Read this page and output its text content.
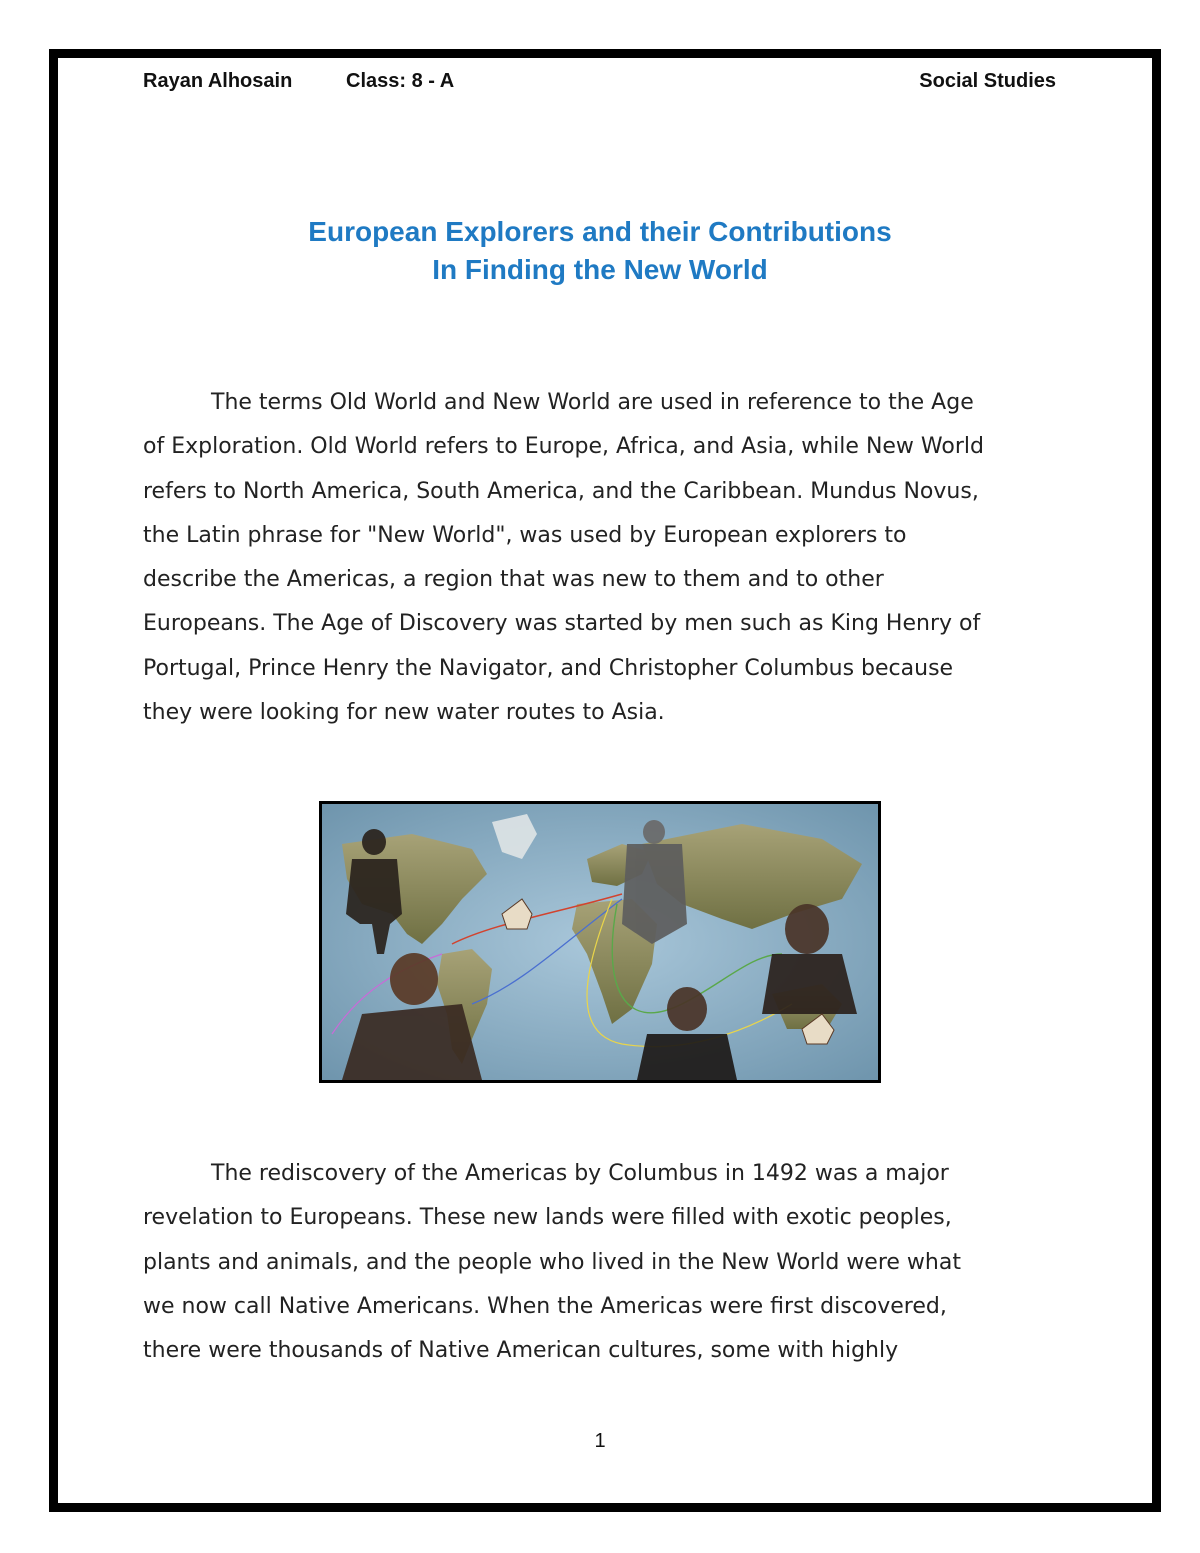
Rayan Alhosain	Class: 8 - A	Social Studies
European Explorers and their Contributions
In Finding the New World
The terms Old World and New World are used in reference to the Age
of Exploration. Old World refers to Europe, Africa, and Asia, while New World
refers to North America, South America, and the Caribbean. Mundus Novus,
the Latin phrase for "New World", was used by European explorers to
describe the Americas, a region that was new to them and to other
Europeans. The Age of Discovery was started by men such as King Henry of
Portugal, Prince Henry the Navigator, and Christopher Columbus because
they were looking for new water routes to Asia.
The rediscovery of the Americas by Columbus in 1492 was a major
revelation to Europeans. These new lands were filled with exotic peoples,
plants and animals, and the people who lived in the New World were what
we now call Native Americans. When the Americas were first discovered,
there were thousands of Native American cultures, some with highly
1
